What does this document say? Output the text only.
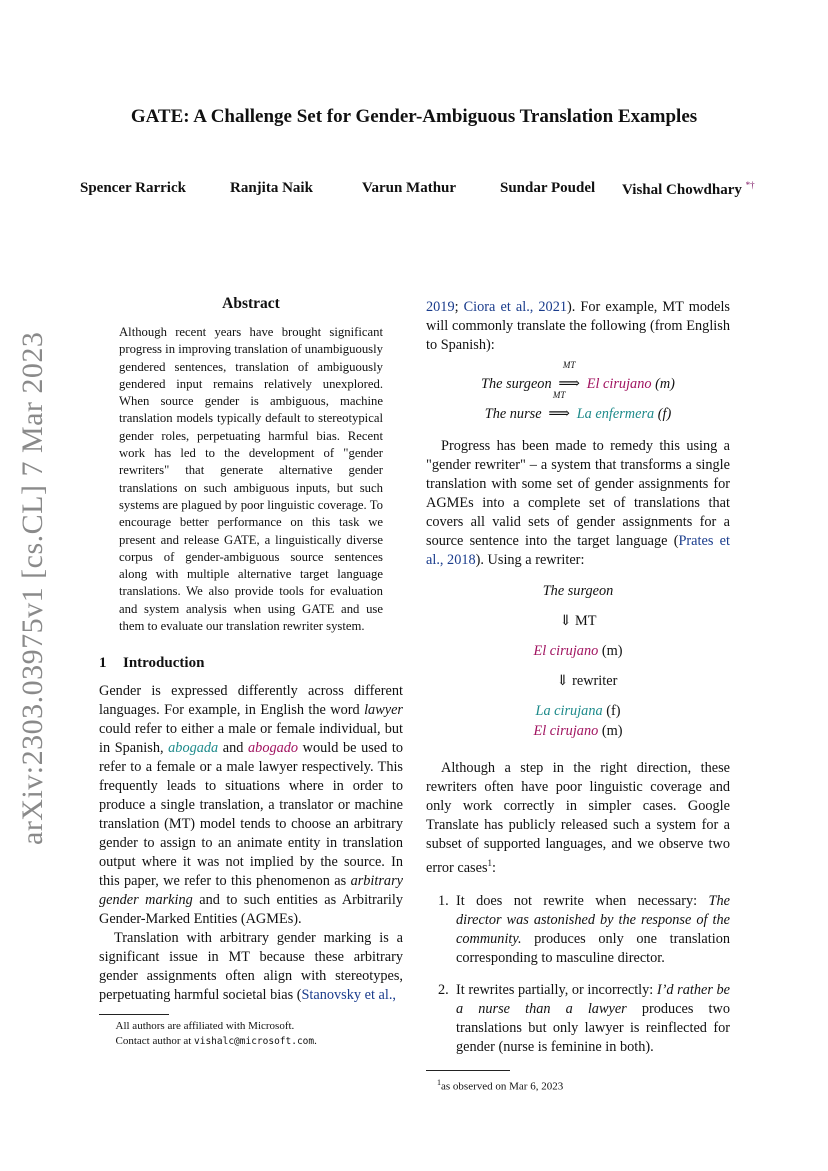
arXiv:2303.03975v1 [cs.CL] 7 Mar 2023
GATE: A Challenge Set for Gender-Ambiguous Translation Examples
Spencer Rarrick	Ranjita Naik	Varun Mathur	Sundar Poudel Vishal Chowdhary *†
Abstract

Although recent years have brought significant progress in improving translation of unambiguously gendered sentences, translation of ambiguously gendered input remains relatively unexplored. When source gender is ambiguous, machine translation models typically default to stereotypical gender roles, perpetuating harmful bias. Recent work has led to the development of "gender rewriters" that generate alternative gender translations on such ambiguous inputs, but such systems are plagued by poor linguistic coverage. To encourage better performance on this task we present and release GATE, a linguistically diverse corpus of gender-ambiguous source sentences along with multiple alternative target language translations. We also provide tools for evaluation and system analysis when using GATE and use them to evaluate our translation rewriter system.

1 Introduction

Gender is expressed differently across different languages. For example, in English the word lawyer could refer to either a male or female individual, but in Spanish, abogada and abogado would be used to refer to a female or a male lawyer respectively. This frequently leads to situations where in order to produce a single translation, a translator or machine translation (MT) model tends to choose an arbitrary gender to assign to an animate entity in translation output where it was not implied by the source. In this paper, we refer to this phenomenon as arbitrary gender marking and to such entities as Arbitrarily Gender-Marked Entities (AGMEs).

Translation with arbitrary gender marking is a significant issue in MT because these arbitrary gender assignments often align with stereotypes, perpetuating harmful societal bias (Stanovsky et al.,

All authors are affiliated with Microsoft.
Contact author at vishalc@microsoft.com.

2019; Ciora et al., 2021). For example, MT models will commonly translate the following (from English to Spanish):

The surgeon
MT
⟹ El cirujano (m)
The nurse
MT
⟹ La enfermera (f)

Progress has been made to remedy this using a "gender rewriter" – a system that transforms a single translation with some set of gender assignments for AGMEs into a complete set of translations that covers all valid sets of gender assignments for a source sentence into the target language (Prates et al., 2018). Using a rewriter:

The surgeon
⇓ MT
El cirujano (m)
⇓ rewriter
La cirujana (f)
El cirujano (m)

Although a step in the right direction, these rewriters often have poor linguistic coverage and only work correctly in simpler cases. Google Translate has publicly released such a system for a subset of supported languages, and we observe two error cases$^1$:

1. It does not rewrite when necessary: The director was astonished by the response of the community. produces only one translation corresponding to masculine director.
2. It rewrites partially, or incorrectly: I’d rather be a nurse than a lawyer produces two translations but only lawyer is reinflected for gender (nurse is feminine in both).
$^1$as observed on Mar 6, 2023
